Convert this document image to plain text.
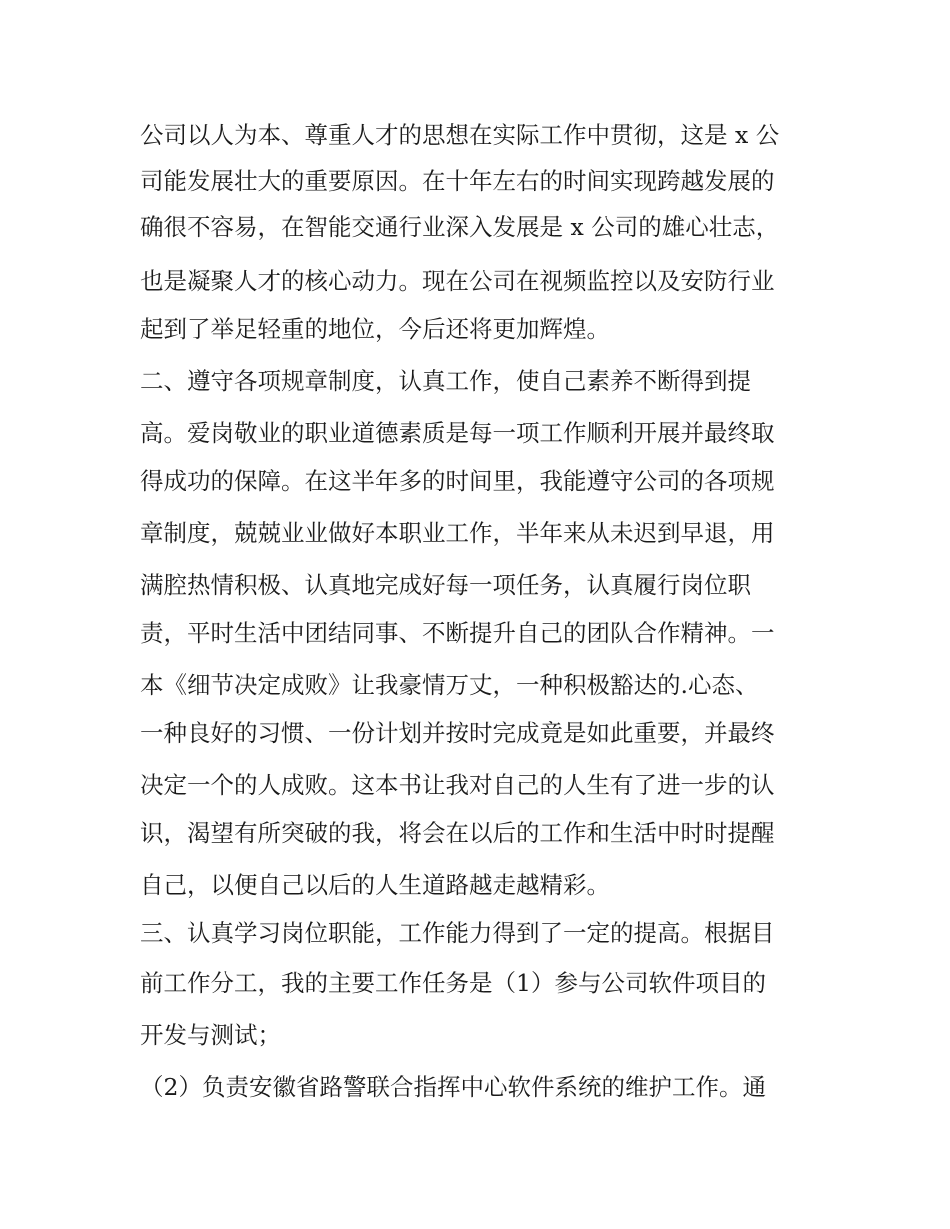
公司以人为本、尊重人才的思想在实际工作中贯彻，这是 x 公
司能发展壮大的重要原因。在十年左右的时间实现跨越发展的
确很不容易，在智能交通行业深入发展是 x 公司的雄心壮志，
也是凝聚人才的核心动力。现在公司在视频监控以及安防行业
起到了举足轻重的地位，今后还将更加辉煌。
二、遵守各项规章制度，认真工作，使自己素养不断得到提
高。爱岗敬业的职业道德素质是每一项工作顺利开展并最终取
得成功的保障。在这半年多的时间里，我能遵守公司的各项规
章制度，兢兢业业做好本职业工作，半年来从未迟到早退，用
满腔热情积极、认真地完成好每一项任务，认真履行岗位职
责，平时生活中团结同事、不断提升自己的团队合作精神。一
本《细节决定成败》让我豪情万丈，一种积极豁达的.心态、
一种良好的习惯、一份计划并按时完成竟是如此重要，并最终
决定一个的人成败。这本书让我对自己的人生有了进一步的认
识，渴望有所突破的我，将会在以后的工作和生活中时时提醒
自己，以便自己以后的人生道路越走越精彩。
三、认真学习岗位职能，工作能力得到了一定的提高。根据目
前工作分工，我的主要工作任务是（1）参与公司软件项目的
开发与测试；
（2）负责安徽省路警联合指挥中心软件系统的维护工作。通
